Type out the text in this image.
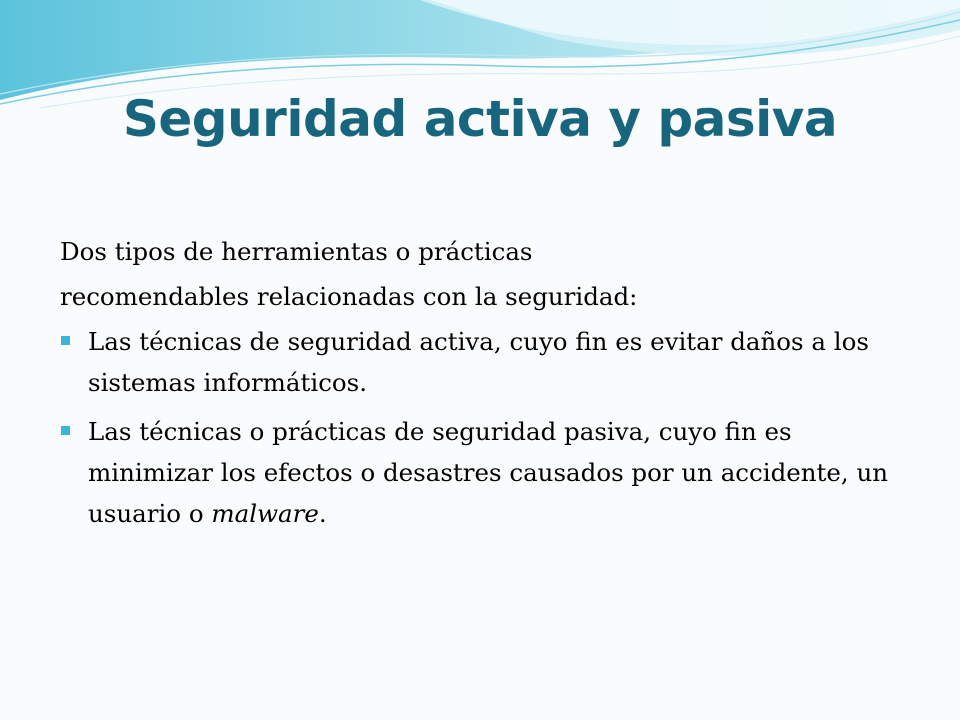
Seguridad activa y pasiva

Dos tipos de herramientas o prácticas

recomendables relacionadas con la seguridad:

Las técnicas de seguridad activa, cuyo fin es evitar daños a los sistemas informáticos.
Las técnicas o prácticas de seguridad pasiva, cuyo fin es minimizar los efectos o desastres causados por un accidente, un usuario o malware.
